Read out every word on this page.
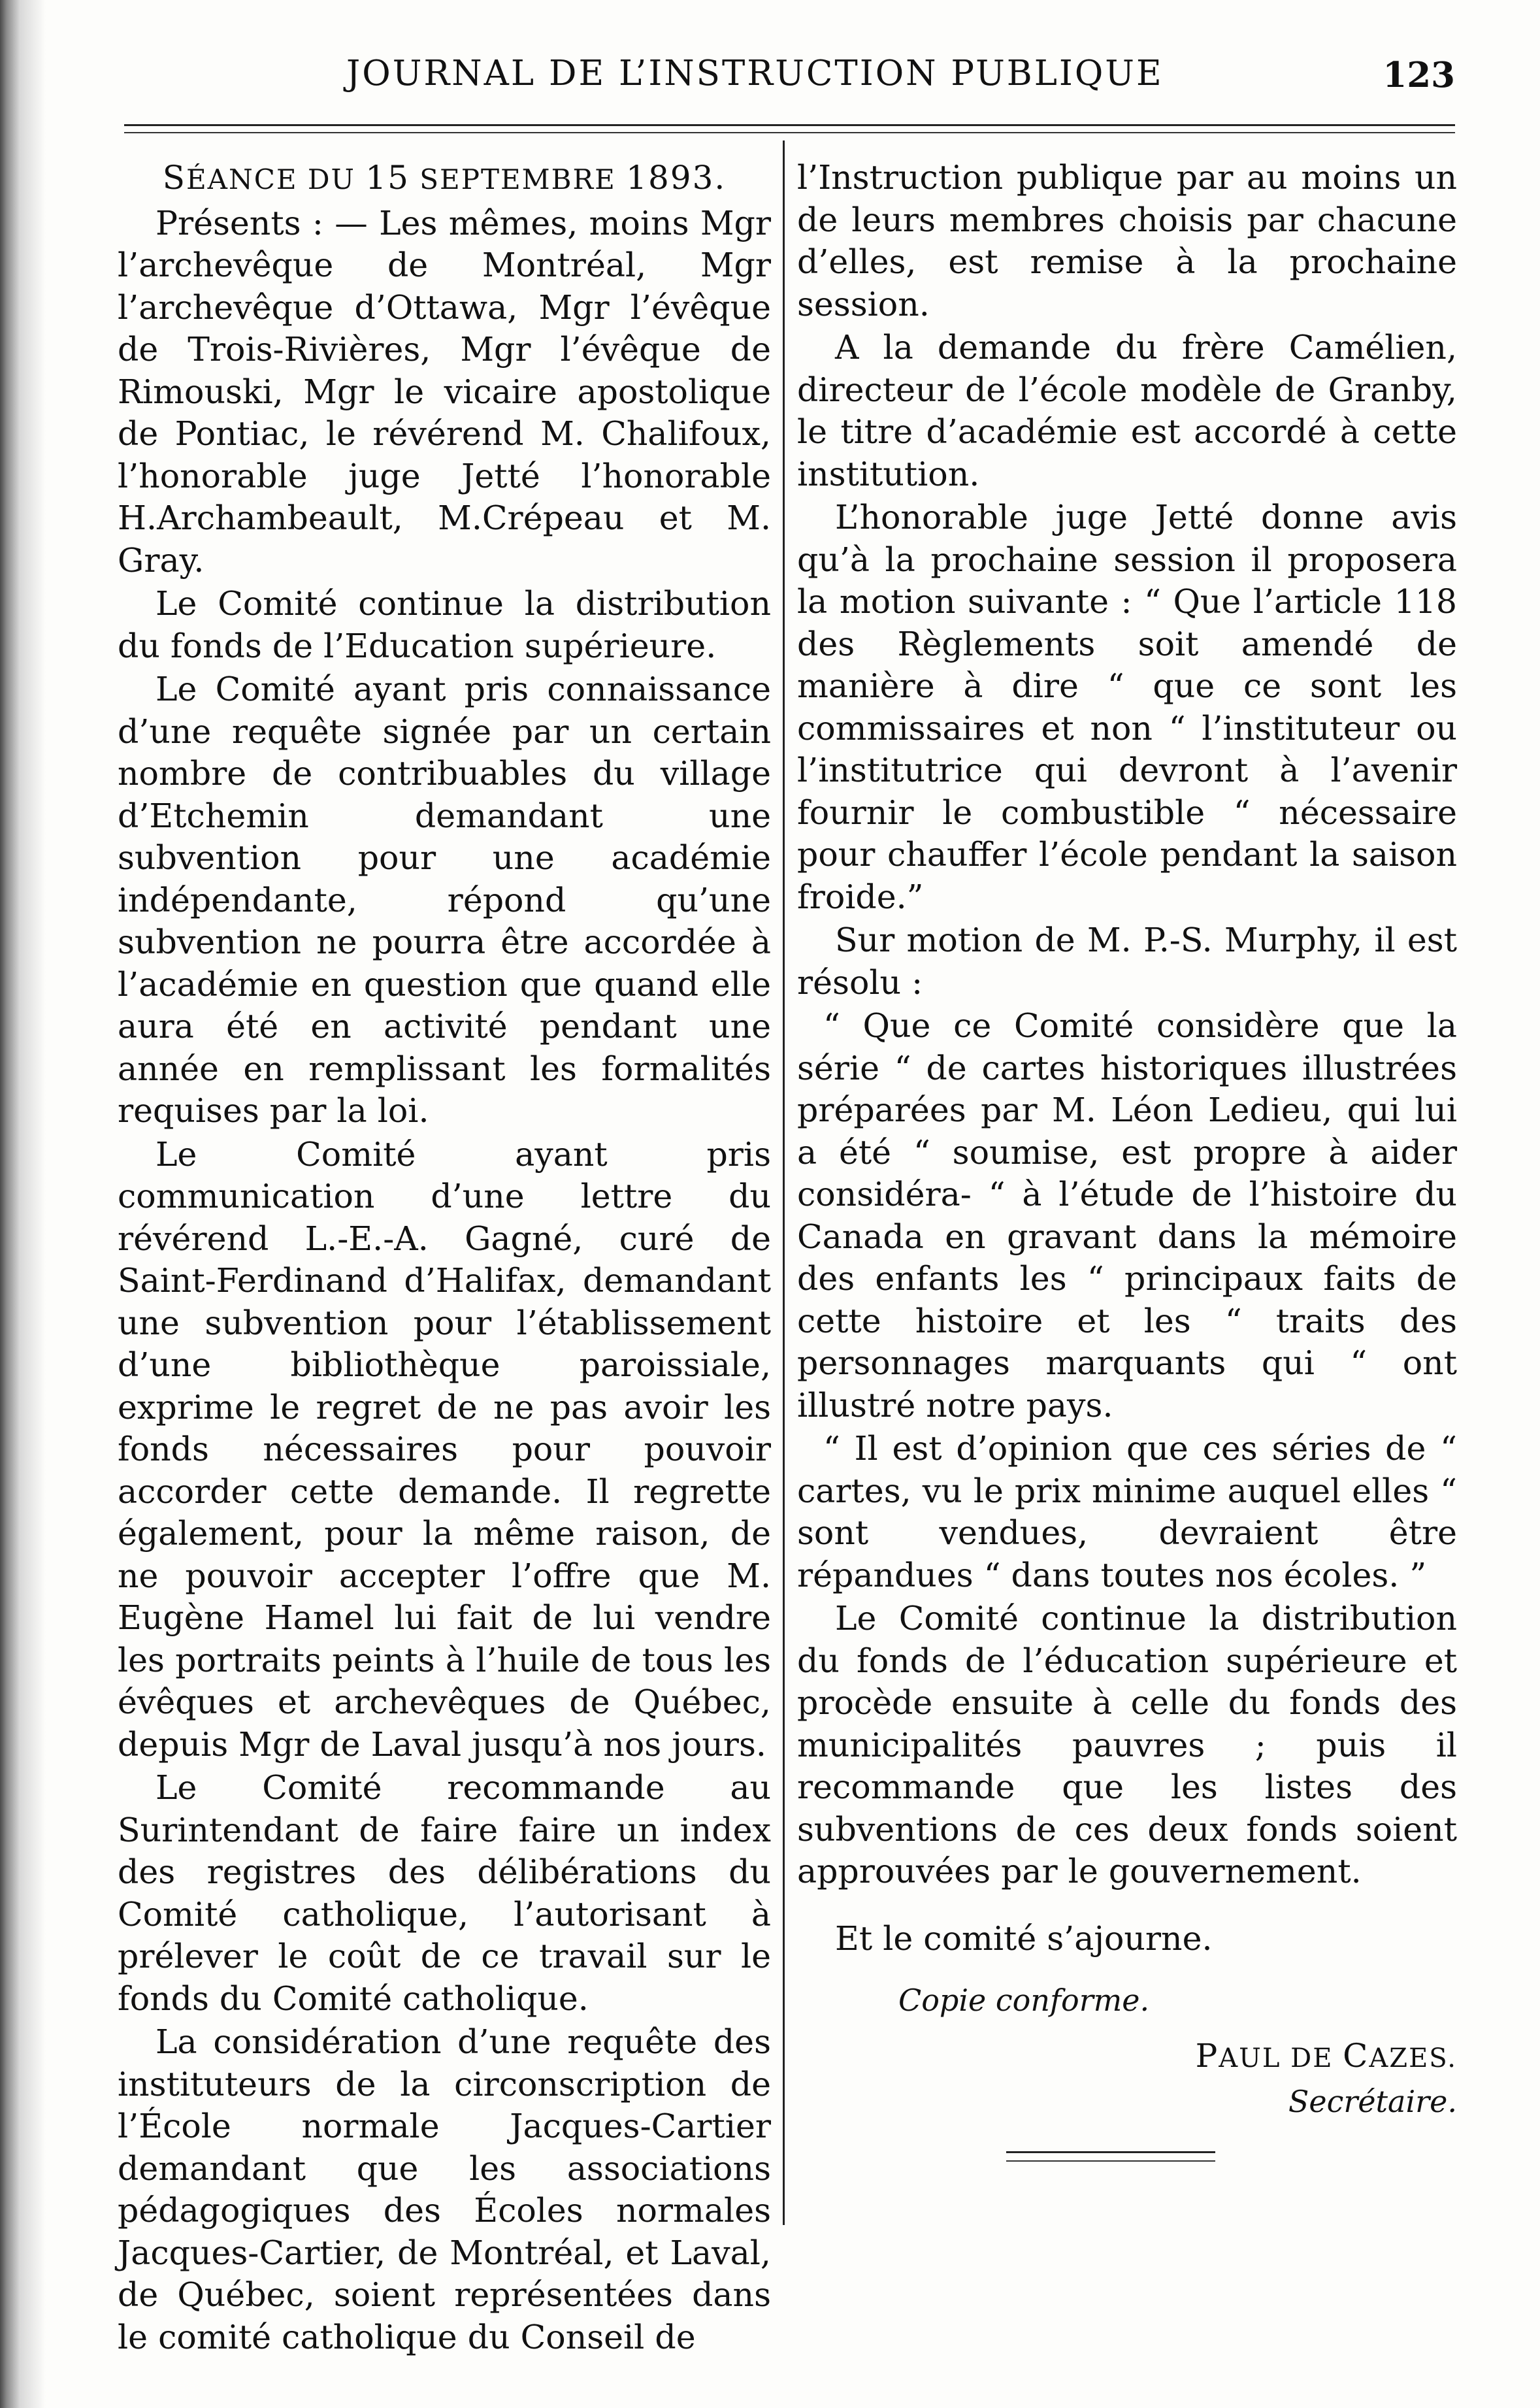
JOURNAL DE L’INSTRUCTION PUBLIQUE	123

SÉANCE DU 15 SEPTEMBRE 1893.

Présents : — Les mêmes, moins Mgr l’archevêque de Montréal, Mgr l’archevêque d’Ottawa, Mgr l’évêque de Trois-Rivières, Mgr l’évêque de Rimouski, Mgr le vicaire apostolique de Pontiac, le révérend M. Chalifoux, l’honorable juge Jetté l’honorable H.Archambeault, M.Crépeau et M. Gray.

Le Comité continue la distribution du fonds de l’Education supérieure.

Le Comité ayant pris connaissance d’une requête signée par un certain nombre de contribuables du village d’Etchemin demandant une subvention pour une académie indépendante, répond qu’une subvention ne pourra être accordée à l’académie en question que quand elle aura été en activité pendant une année en remplissant les formalités requises par la loi.

Le Comité ayant pris communication d’une lettre du révérend L.-E.-A. Gagné, curé de Saint-Ferdinand d’Halifax, demandant une subvention pour l’établissement d’une bibliothèque paroissiale, exprime le regret de ne pas avoir les fonds nécessaires pour pouvoir accorder cette demande. Il regrette également, pour la même raison, de ne pouvoir accepter l’offre que M. Eugène Hamel lui fait de lui vendre les portraits peints à l’huile de tous les évêques et archevêques de Québec, depuis Mgr de Laval jusqu’à nos jours.

Le Comité recommande au Surintendant de faire faire un index des registres des délibérations du Comité catholique, l’autorisant à prélever le coût de ce travail sur le fonds du Comité catholique.

La considération d’une requête des instituteurs de la circonscription de l’École normale Jacques-Cartier demandant que les associations pédagogiques des Écoles normales Jacques-Cartier, de Montréal, et Laval, de Québec, soient représentées dans le comité catholique du Conseil de

l’Instruction publique par au moins un de leurs membres choisis par chacune d’elles, est remise à la prochaine session.

A la demande du frère Camélien, directeur de l’école modèle de Granby, le titre d’académie est accordé à cette institution.

L’honorable juge Jetté donne avis qu’à la prochaine session il proposera la motion suivante : “ Que l’article 118 des Règlements soit amendé de manière à dire “ que ce sont les commissaires et non “ l’instituteur ou l’institutrice qui devront à l’avenir fournir le combustible “ nécessaire pour chauffer l’école pendant la saison froide.”

Sur motion de M. P.-S. Murphy, il est résolu :

“ Que ce Comité considère que la série “ de cartes historiques illustrées préparées par M. Léon Ledieu, qui lui a été “ soumise, est propre à aider considéra- “ à l’étude de l’histoire du Canada en gravant dans la mémoire des enfants les “ principaux faits de cette histoire et les “ traits des personnages marquants qui “ ont illustré notre pays.

“ Il est d’opinion que ces séries de “ cartes, vu le prix minime auquel elles “ sont vendues, devraient être répandues “ dans toutes nos écoles. ”

Le Comité continue la distribution du fonds de l’éducation supérieure et procède ensuite à celle du fonds des municipalités pauvres ; puis il recommande que les listes des subventions de ces deux fonds soient approuvées par le gouvernement.

Et le comité s’ajourne.

Copie conforme.

PAUL DE CAZES.

Secrétaire.
